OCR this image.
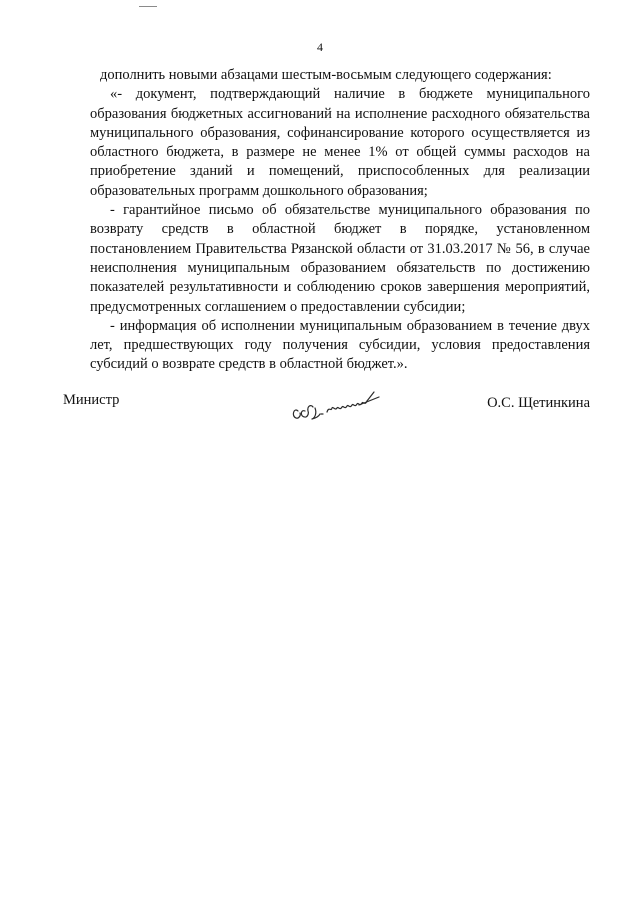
4

дополнить новыми абзацами шестым-восьмым следующего содержания:

«- документ, подтверждающий наличие в бюджете муниципального образования бюджетных ассигнований на исполнение расходного обязательства муниципального образования, софинансирование которого осуществляется из областного бюджета, в размере не менее 1% от общей суммы расходов на приобретение зданий и помещений, приспособленных для реализации образовательных программ дошкольного образования;

- гарантийное письмо об обязательстве муниципального образования по возврату средств в областной бюджет в порядке, установленном постановлением Правительства Рязанской области от 31.03.2017 № 56, в случае неисполнения муниципальным образованием обязательств по достижению показателей результативности и соблюдению сроков завершения мероприятий, предусмотренных соглашением о предоставлении субсидии;

- информация об исполнении муниципальным образованием в течение двух лет, предшествующих году получения субсидии, условия предоставления субсидий о возврате средств в областной бюджет.».

Министр	О.С. Щетинкина
